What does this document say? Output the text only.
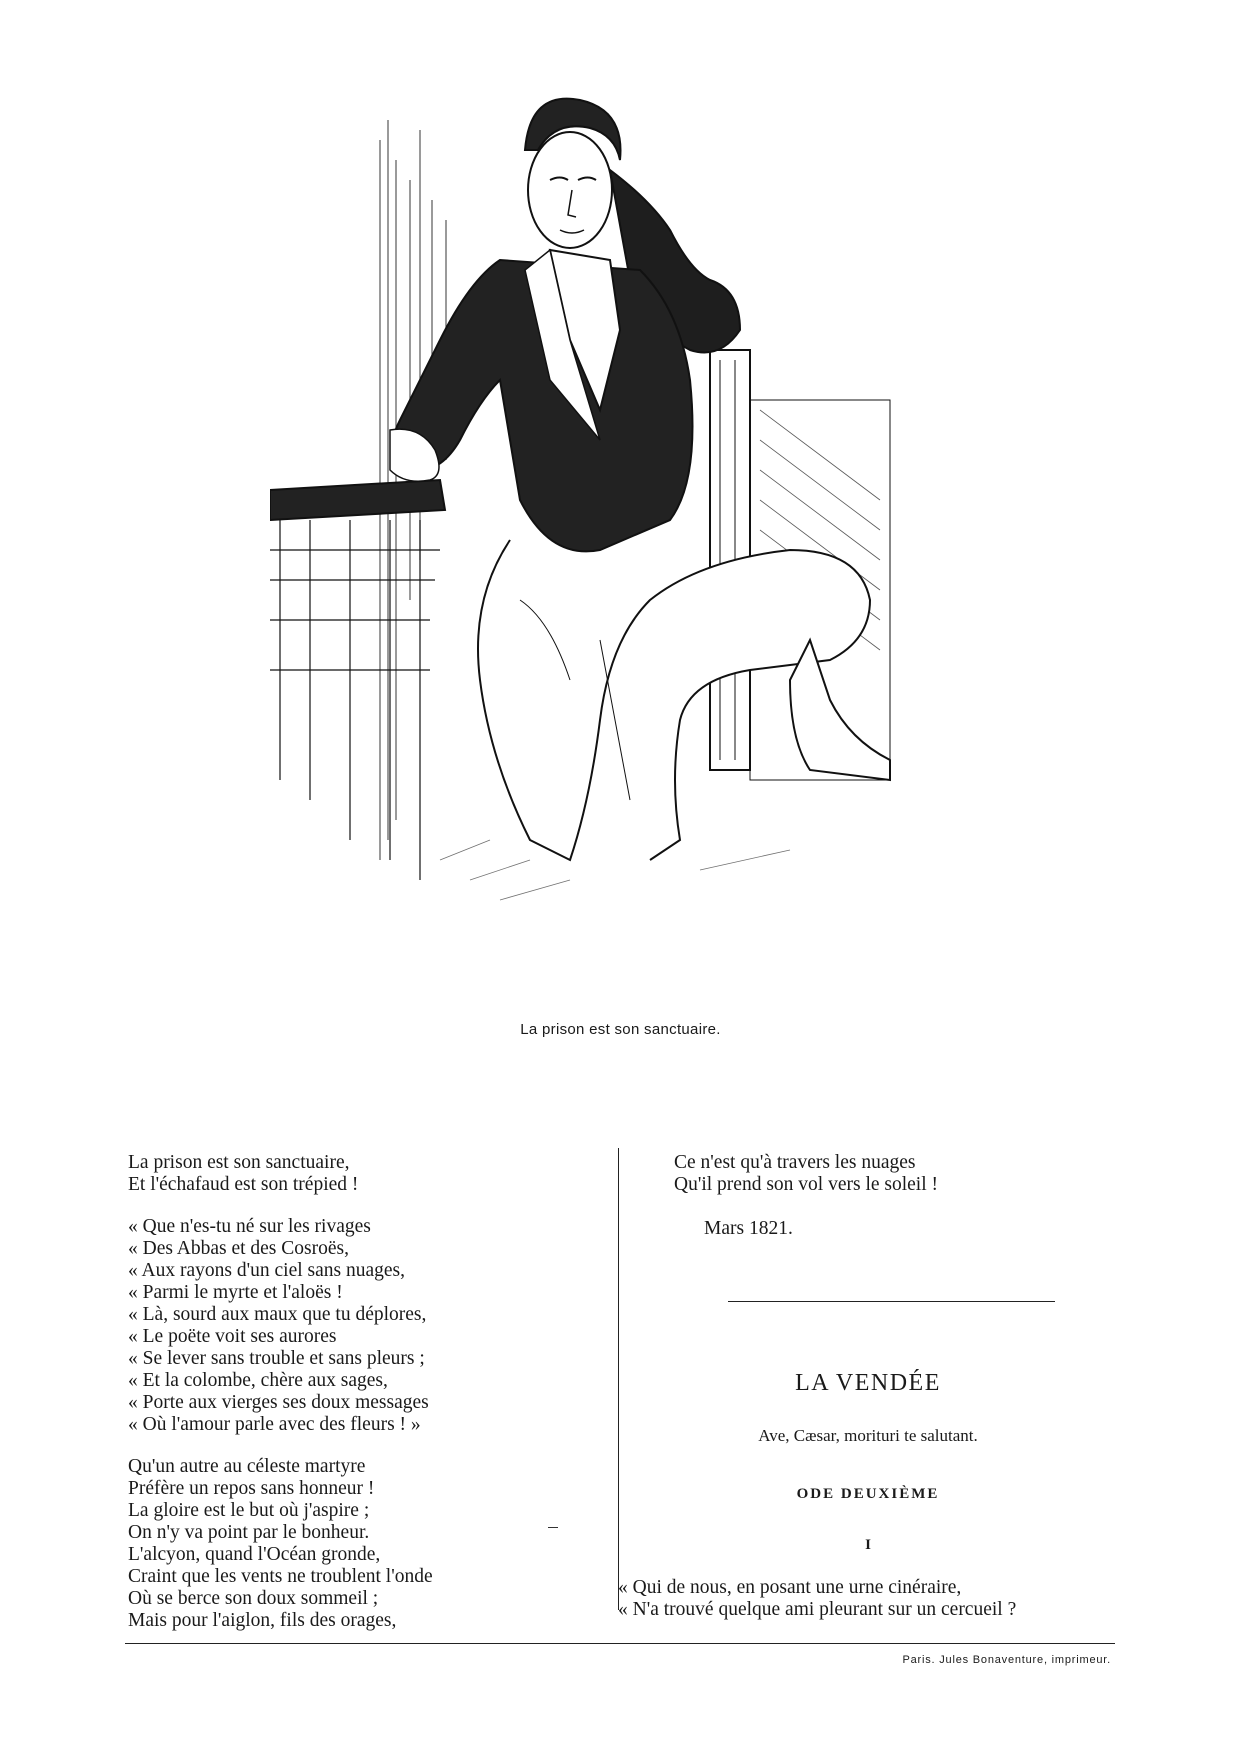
La prison est son sanctuaire.
La prison est son sanctuaire,
Et l'échafaud est son trépied !
« Que n'es-tu né sur les rivages
« Des Abbas et des Cosroës,
« Aux rayons d'un ciel sans nuages,
« Parmi le myrte et l'aloës !
« Là, sourd aux maux que tu déplores,
« Le poëte voit ses aurores
« Se lever sans trouble et sans pleurs ;
« Et la colombe, chère aux sages,
« Porte aux vierges ses doux messages
« Où l'amour parle avec des fleurs ! »
Qu'un autre au céleste martyre
Préfère un repos sans honneur !
La gloire est le but où j'aspire ;
On n'y va point par le bonheur.
L'alcyon, quand l'Océan gronde,
Craint que les vents ne troublent l'onde
Où se berce son doux sommeil ;
Mais pour l'aiglon, fils des orages,
Ce n'est qu'à travers les nuages
Qu'il prend son vol vers le soleil !
Mars 1821.
LA VENDÉE
Ave, Cæsar, morituri te salutant.
ODE DEUXIÈME
I
« Qui de nous, en posant une urne cinéraire,
« N'a trouvé quelque ami pleurant sur un cercueil ?
Paris. Jules Bonaventure, imprimeur.
